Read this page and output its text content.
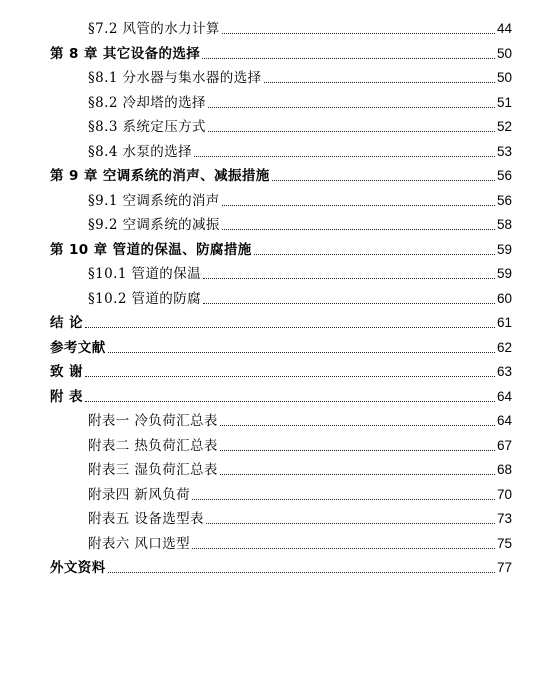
§7.2 风管的水力计算	44
第 8 章 其它设备的选择	50
§8.1 分水器与集水器的选择	50
§8.2 冷却塔的选择	51
§8.3 系统定压方式	52
§8.4 水泵的选择	53
第 9 章 空调系统的消声、减振措施	56
§9.1 空调系统的消声	56
§9.2 空调系统的减振	58
第 10 章 管道的保温、防腐措施	59
§10.1 管道的保温	59
§10.2 管道的防腐	60
结 论	61
参考文献	62
致 谢	63
附 表	64
附表一 冷负荷汇总表	64
附表二 热负荷汇总表	67
附表三 湿负荷汇总表	68
附录四 新风负荷	70
附表五 设备选型表	73
附表六 风口选型	75
外文资料	77
